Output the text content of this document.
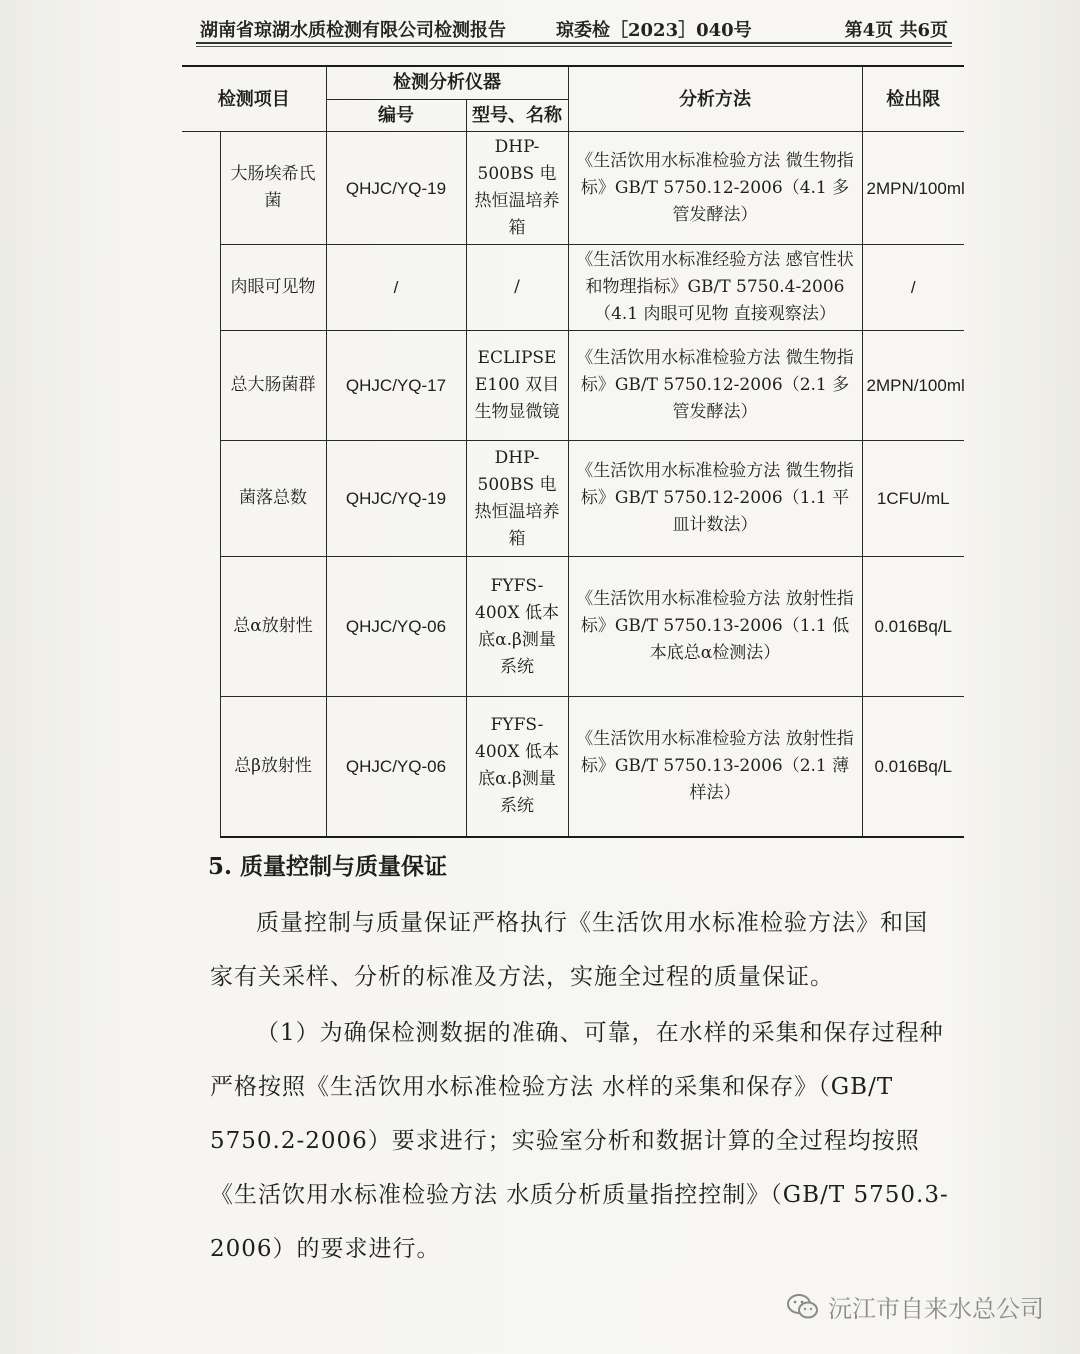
湖南省琼湖水质检测有限公司检测报告	琼委检［2023］040号	第4页 共6页
检测项目		检测分析仪器		分析方法	检出限
		编号	型号、名称		
	大肠埃希氏菌	QHJC/YQ-19	DHP-500BS 电热恒温培养箱	《生活饮用水标准检验方法 微生物指标》GB/T 5750.12-2006（4.1 多管发酵法）	2MPN/100ml
	肉眼可见物	/	/	《生活饮用水标准经验方法 感官性状和物理指标》GB/T 5750.4-2006（4.1 肉眼可见物 直接观察法）	/
	总大肠菌群	QHJC/YQ-17	ECLIPSE E100 双目生物显微镜	《生活饮用水标准检验方法 微生物指标》GB/T 5750.12-2006（2.1 多管发酵法）	2MPN/100ml
	菌落总数	QHJC/YQ-19	DHP-500BS 电热恒温培养箱	《生活饮用水标准检验方法 微生物指标》GB/T 5750.12-2006（1.1 平皿计数法）	1CFU/mL
	总α放射性	QHJC/YQ-06	FYFS-400X 低本底α.β测量系统	《生活饮用水标准检验方法 放射性指标》GB/T 5750.13-2006（1.1 低本底总α检测法）	0.016Bq/L
	总β放射性	QHJC/YQ-06	FYFS-400X 低本底α.β测量系统	《生活饮用水标准检验方法 放射性指标》GB/T 5750.13-2006（2.1 薄样法）	0.016Bq/L
5. 质量控制与质量保证
质量控制与质量保证严格执行《生活饮用水标准检验方法》和国家有关采样、分析的标准及方法，实施全过程的质量保证。
（1）为确保检测数据的准确、可靠，在水样的采集和保存过程种严格按照《生活饮用水标准检验方法 水样的采集和保存》（GB/T 5750.2-2006）要求进行；实验室分析和数据计算的全过程均按照《生活饮用水标准检验方法 水质分析质量指控控制》（GB/T 5750.3-2006）的要求进行。
沅江市自来水总公司
